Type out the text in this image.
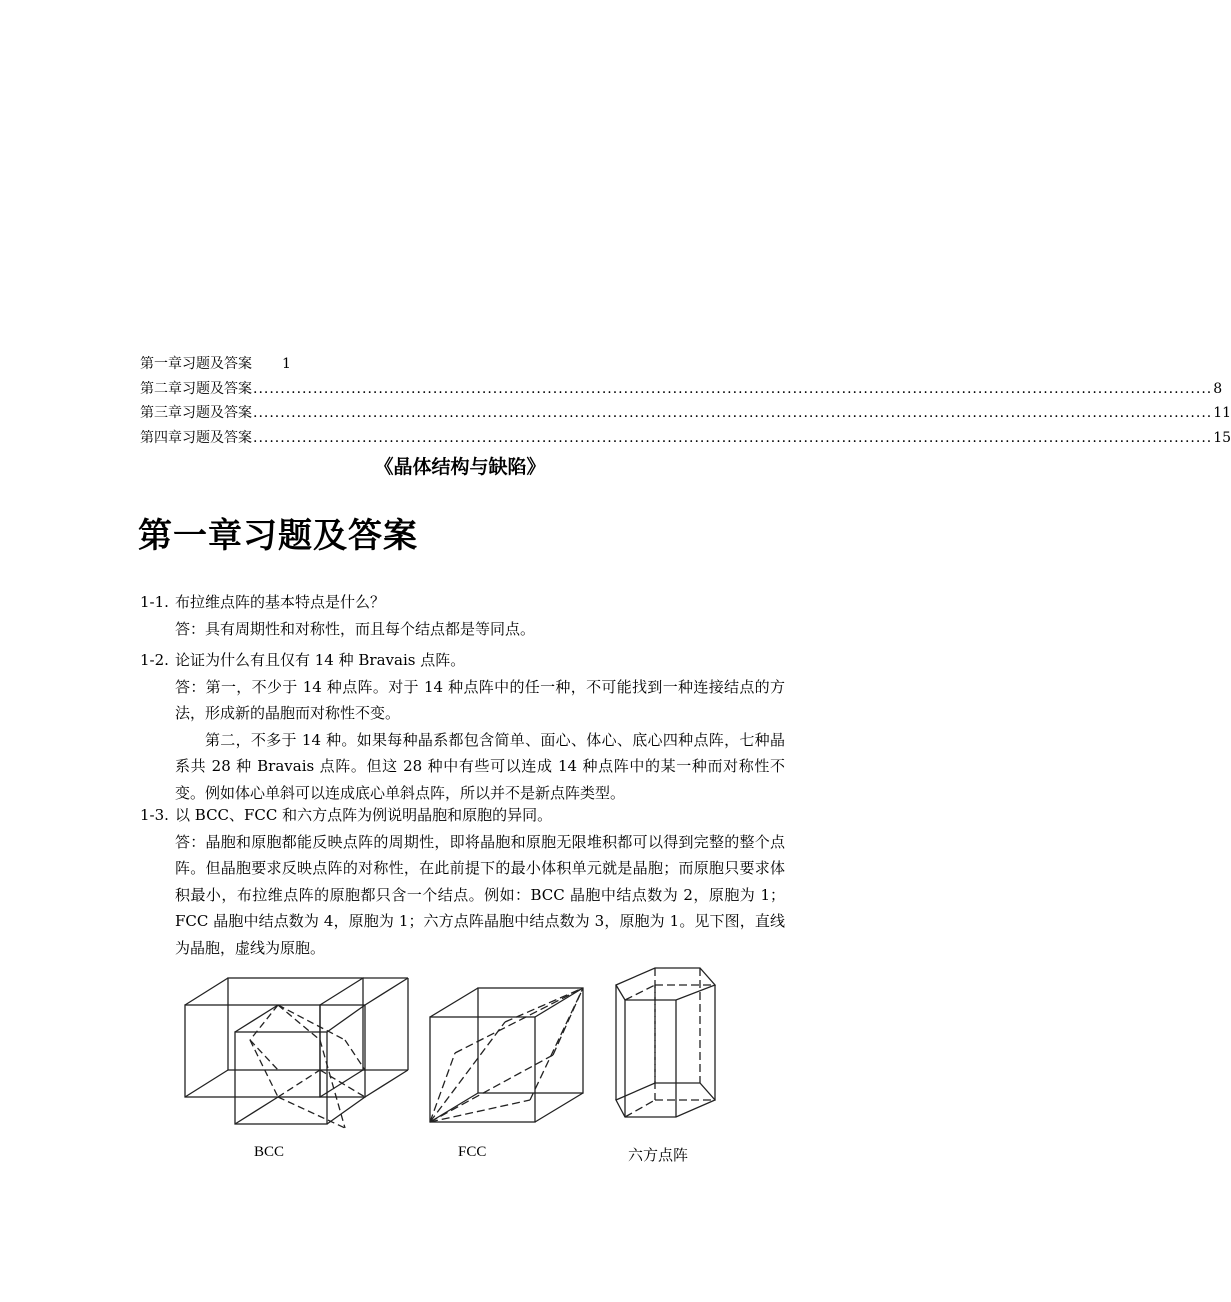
第一章习题及答案 1
第二章习题及答案 ................................................................................................................................................................................ 8
第三章习题及答案 ................................................................................................................................................................................ 11
第四章习题及答案 ................................................................................................................................................................................ 15
《晶体结构与缺陷》
第一章习题及答案
1-1. 布拉维点阵的基本特点是什么？

答：具有周期性和对称性，而且每个结点都是等同点。

1-2. 论证为什么有且仅有 14 种 Bravais 点阵。

答：第一，不少于 14 种点阵。对于 14 种点阵中的任一种，不可能找到一种连接结点的方法，形成新的晶胞而对称性不变。

第二，不多于 14 种。如果每种晶系都包含简单、面心、体心、底心四种点阵，七种晶系共 28 种 Bravais 点阵。但这 28 种中有些可以连成 14 种点阵中的某一种而对称性不变。例如体心单斜可以连成底心单斜点阵，所以并不是新点阵类型。

1-3. 以 BCC、FCC 和六方点阵为例说明晶胞和原胞的异同。

答：晶胞和原胞都能反映点阵的周期性，即将晶胞和原胞无限堆积都可以得到完整的整个点阵。但晶胞要求反映点阵的对称性，在此前提下的最小体积单元就是晶胞；而原胞只要求体积最小，布拉维点阵的原胞都只含一个结点。例如：BCC 晶胞中结点数为 2，原胞为 1；FCC 晶胞中结点数为 4，原胞为 1；六方点阵晶胞中结点数为 3，原胞为 1。见下图，直线为晶胞，虚线为原胞。

BCC	FCC	六方点阵
